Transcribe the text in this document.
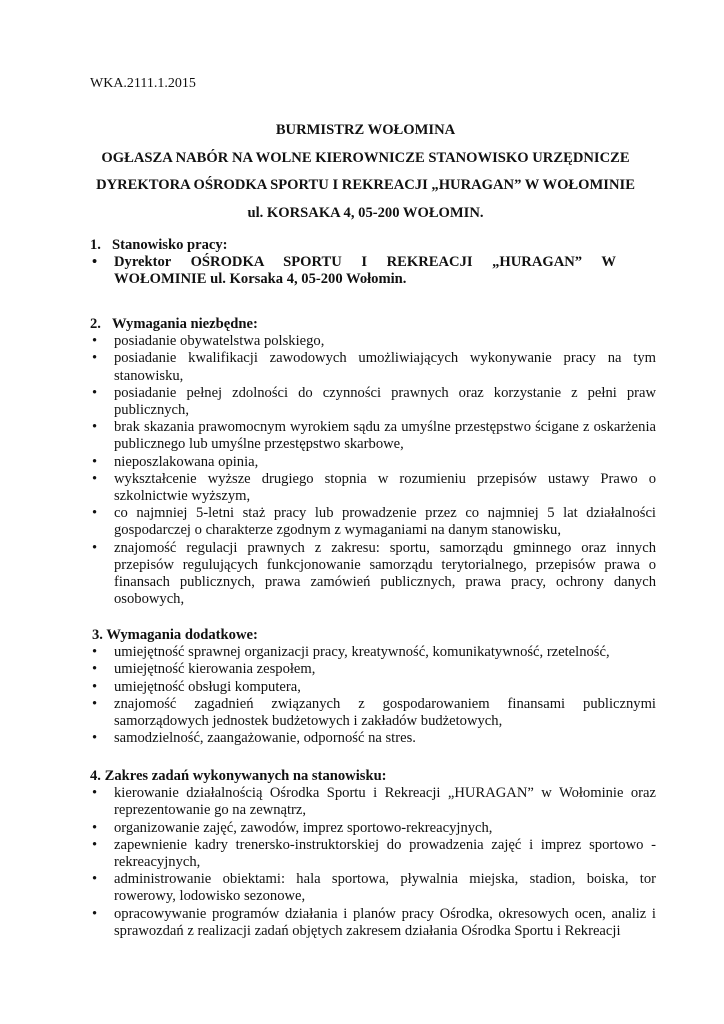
WKA.2111.1.2015
BURMISTRZ WOŁOMINA
OGŁASZA NABÓR NA WOLNE KIEROWNICZE STANOWISKO URZĘDNICZE
DYREKTORA OŚRODKA SPORTU I REKREACJI „HURAGAN” W WOŁOMINIE
ul. KORSAKA 4, 05-200 WOŁOMIN.
1. Stanowisko pracy:
• Dyrektor OŚRODKA SPORTU I REKREACJI „HURAGAN” W WOŁOMINIE ul. Korsaka 4, 05-200 Wołomin.
2. Wymagania niezbędne:
• posiadanie obywatelstwa polskiego,
• posiadanie kwalifikacji zawodowych umożliwiających wykonywanie pracy na tym stanowisku,
• posiadanie pełnej zdolności do czynności prawnych oraz korzystanie z pełni praw publicznych,
• brak skazania prawomocnym wyrokiem sądu za umyślne przestępstwo ścigane z oskarżenia publicznego lub umyślne przestępstwo skarbowe,
• nieposzlakowana opinia,
• wykształcenie wyższe drugiego stopnia w rozumieniu przepisów ustawy Prawo o szkolnictwie wyższym,
• co najmniej 5-letni staż pracy lub prowadzenie przez co najmniej 5 lat działalności gospodarczej o charakterze zgodnym z wymaganiami na danym stanowisku,
• znajomość regulacji prawnych z zakresu: sportu, samorządu gminnego oraz innych przepisów regulujących funkcjonowanie samorządu terytorialnego, przepisów prawa o finansach publicznych, prawa zamówień publicznych, prawa pracy, ochrony danych osobowych,
3. Wymagania dodatkowe:
• umiejętność sprawnej organizacji pracy, kreatywność, komunikatywność, rzetelność,
• umiejętność kierowania zespołem,
• umiejętność obsługi komputera,
• znajomość zagadnień związanych z gospodarowaniem finansami publicznymi samorządowych jednostek budżetowych i zakładów budżetowych,
• samodzielność, zaangażowanie, odporność na stres.
4. Zakres zadań wykonywanych na stanowisku:
• kierowanie działalnością Ośrodka Sportu i Rekreacji „HURAGAN” w Wołominie oraz reprezentowanie go na zewnątrz,
• organizowanie zajęć, zawodów, imprez sportowo-rekreacyjnych,
• zapewnienie kadry trenersko-instruktorskiej do prowadzenia zajęć i imprez sportowo -rekreacyjnych,
• administrowanie obiektami: hala sportowa, pływalnia miejska, stadion, boiska, tor rowerowy, lodowisko sezonowe,
• opracowywanie programów działania i planów pracy Ośrodka, okresowych ocen, analiz i sprawozdań z realizacji zadań objętych zakresem działania Ośrodka Sportu i Rekreacji
